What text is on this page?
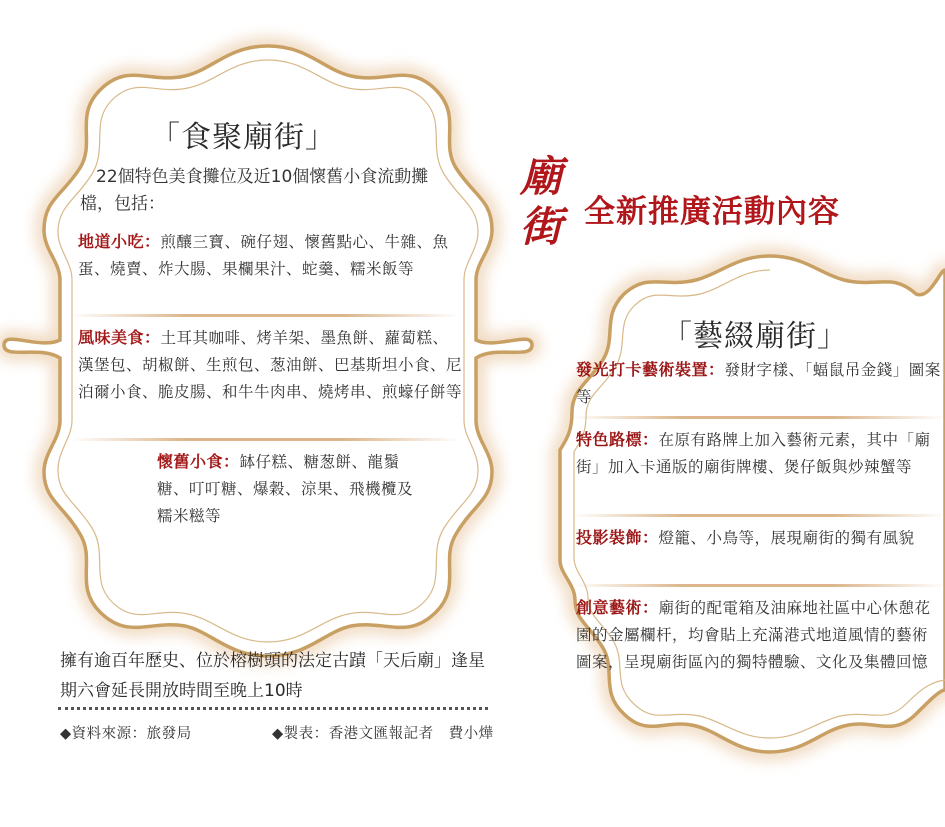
廟
街 全新推廣活動內容
「食聚廟街」
22個特色美食攤位及近10個懷舊小食流動攤檔，包括：
地道小吃：煎釀三寶、碗仔翅、懷舊點心、牛雜、魚蛋、燒賣、炸大腸、果欄果汁、蛇羹、糯米飯等
風味美食：土耳其咖啡、烤羊架、墨魚餅、蘿蔔糕、漢堡包、胡椒餅、生煎包、葱油餅、巴基斯坦小食、尼泊爾小食、脆皮腸、和牛牛肉串、燒烤串、煎蠔仔餅等
懷舊小食：缽仔糕、糖葱餅、龍鬚糖、叮叮糖、爆穀、涼果、飛機欖及糯米糍等
「藝綴廟街」
發光打卡藝術裝置：發財字樣、「蝠鼠吊金錢」圖案等
特色路標：在原有路牌上加入藝術元素，其中「廟街」加入卡通版的廟街牌樓、煲仔飯與炒辣蟹等
投影裝飾：燈籠、小鳥等，展現廟街的獨有風貌
創意藝術：廟街的配電箱及油麻地社區中心休憩花園的金屬欄杆，均會貼上充滿港式地道風情的藝術圖案，呈現廟街區內的獨特體驗、文化及集體回憶
擁有逾百年歷史、位於榕樹頭的法定古蹟「天后廟」逢星期六會延長開放時間至晚上10時
◆資料來源：旅發局	◆製表：香港文匯報記者　費小燁
